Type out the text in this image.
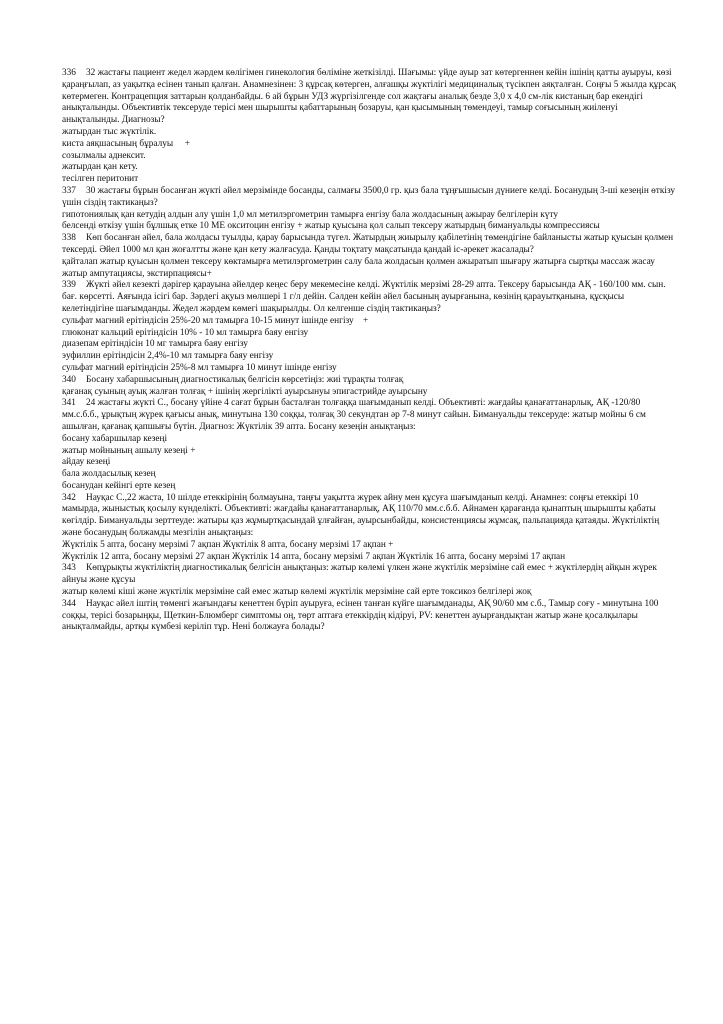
336 32 жастағы пациент жедел жәрдем көлігімен гинекология бөліміне жеткізілді. Шағымы: үйде ауыр зат көтергеннен кейін ішінің қатты ауыруы, көзі қараңғылап, аз уақытқа есінен танып қалған. Анамнезінен: 3 құрсақ көтерген, алғашқы жүктілігі медициналық түсікпен аяқталған. Соңғы 5 жылда құрсақ көтермеген. Контрацепция заттарын қолданбайды. 6 ай бұрын УДЗ жүргізілгенде сол жақтағы аналық безде 3,0 х 4,0 см-лік кистаның бар екендігі анықталынды. Объективтік тексеруде терісі мен шырышты қабаттарының бозаруы, қан қысымының төмендеуі, тамыр соғысының жиіленуі анықталынды. Диагнозы?
жатырдан тыс жүктілік.
киста аяқшасының бұралуы     +
созылмалы аднексит.
жатырдан қан кету.
тесілген перитонит
337 30 жастағы бұрын босанған жүкті әйел мерзімінде босанды, салмағы 3500,0 гр. қыз бала тұңғышысын дүниеге келді. Босанудың 3-ші кезеңін өткізу үшін сіздің тактикаңыз?
гипотониялық қан кетудің алдын алу үшін 1,0 мл метилэргометрин тамырға енгізу бала жолдасының ажырау белгілерін күту
белсенді өткізу үшін бұлшық етке 10 МЕ окситоцин енгізу + жатыр қуысына қол салып тексеру жатырдың бимануальды компрессиясы
338 Көп босанған әйел, бала жолдасы туылды, қарау барысында түгел. Жатырдың жиырылу қабілетінің төмендігіне байланысты жатыр қуысын қолмен тексерді. Әйел 1000 мл қан жоғалтты және қан кету жалғасуда. Қанды тоқтату мақсатында қандай іс-әрекет жасалады?
қайталап жатыр қуысын қолмен тексеру көктамырға метилэргометрин салу бала жолдасын қолмен ажыратып шығару жатырға сыртқы массаж жасау жатыр ампутациясы, экстирпациясы+
339 Жүкті әйел кезекті дәрігер қарауына әйелдер кеңес беру мекемесіне келді. Жүктілік мерзімі 28-29 апта. Тексеру барысында АҚ - 160/100 мм. сын. бағ. көрсетті. Аяғында ісігі бар. Зәрдегі ақуыз мөлшері 1 г/л дейін. Сәлден кейін әйел басының ауырғанына, көзінің қараyытқанына, құсқысы келетіндігіне шағымданды. Жедел жәрдем көмегі шақырылды. Ол келгенше сіздің тактикаңыз?
сульфат магний ерітіндісін 25%-20 мл тамырға 10-15 минут ішінде енгізу    +
глюконат кальций ерітіндісін 10% - 10 мл тамырға баяу енгізу
диазепам ерітіндісін 10 мг тамырға баяу енгізу
эуфиллин ерітіндісін 2,4%-10 мл тамырға баяу енгізу
сульфат магний ерітіндісін 25%-8 мл тамырға 10 минут ішінде енгізу
340 Босану хабаршысының диагностикалық белгісін көрсетіңіз: жиі тұрақты толғақ
қағанақ суының ауық жалған толғақ + ішінің жергілікті ауырсынуы эпигастрийде ауырсыну
341 24 жастағы жүкті С., босану үйіне 4 сағат бұрын басталған толғаққа шағымданып келді. Объективті: жағдайы қанағаттанарлық, АҚ -120/80 мм.с.б.б., ұрықтың жүрек қағысы анық, минутына 130 соққы, толғақ 30 секундтан әр 7-8 минут сайын. Бимануальды тексеруде: жатыр мойны 6 см ашылған, қағанақ қапшығы бүтін. Диагноз: Жүктілік 39 апта. Босану кезеңін анықтаңыз:
босану хабаршылар кезеңі
жатыр мойнының ашылу кезеңі +
айдау кезеңі
бала жолдасылық кезең
босанудан кейінгі ерте кезең
342 Науқас С.,22 жаста, 10 шілде етеккірінің болмауына, таңғы уақытта жүрек айну мен құсуға шағымданып келді. Анамнез: соңғы етеккірі 10 мамырда, жыныстық қосылу күнделікті. Объективті: жағдайы қанағаттанарлық, АҚ 110/70 мм.с.б.б. Айнамен қарағанда қынаптың шырышты қабаты көгілдір. Бимануальды зерттеуде: жатыры қаз жұмыртқасындай ұлғайған, ауырсынбайды, консистенциясы жұмсақ, пальпацияда қатаяды. Жүктіліктің және босанудың болжамды мезгілін анықтаңыз:
Жүктілік 5 апта, босану мерзімі 7 ақпан Жүктілік 8 апта, босану мерзімі 17 ақпан +
Жүктілік 12 апта, босану мерзімі 27 ақпан Жүктілік 14 апта, босану мерзімі 7 ақпан Жүктілік 16 апта, босану мерзімі 17 ақпан
343 Көпұрықты жүктіліктің диагностикалық белгісін анықтаңыз: жатыр көлемі үлкен және жүктілік мерзіміне сай емес + жүктілердің айқын жүрек айнуы және құсуы
жатыр көлемі кіші және жүктілік мерзіміне сай емес жатыр көлемі жүктілік мерзіміне сай ерте токсикоз белгілері жоқ
344 Науқас әйел іштің төменгі жағындағы кенеттен бүріп ауыруға, есінен танған күйге шағымданады, АҚ 90/60 мм с.б., Тамыр соғу - минутына 100 соққы, терісі бозарыңқы, Щеткин-Блюмберг симптомы оң, төрт аптаға етеккірдің кідіруі, PV: кенеттен ауырғандықтан жатыр және қосалқылары анықталмайды, артқы күмбезі керіліп тұр. Нені болжауға болады?
